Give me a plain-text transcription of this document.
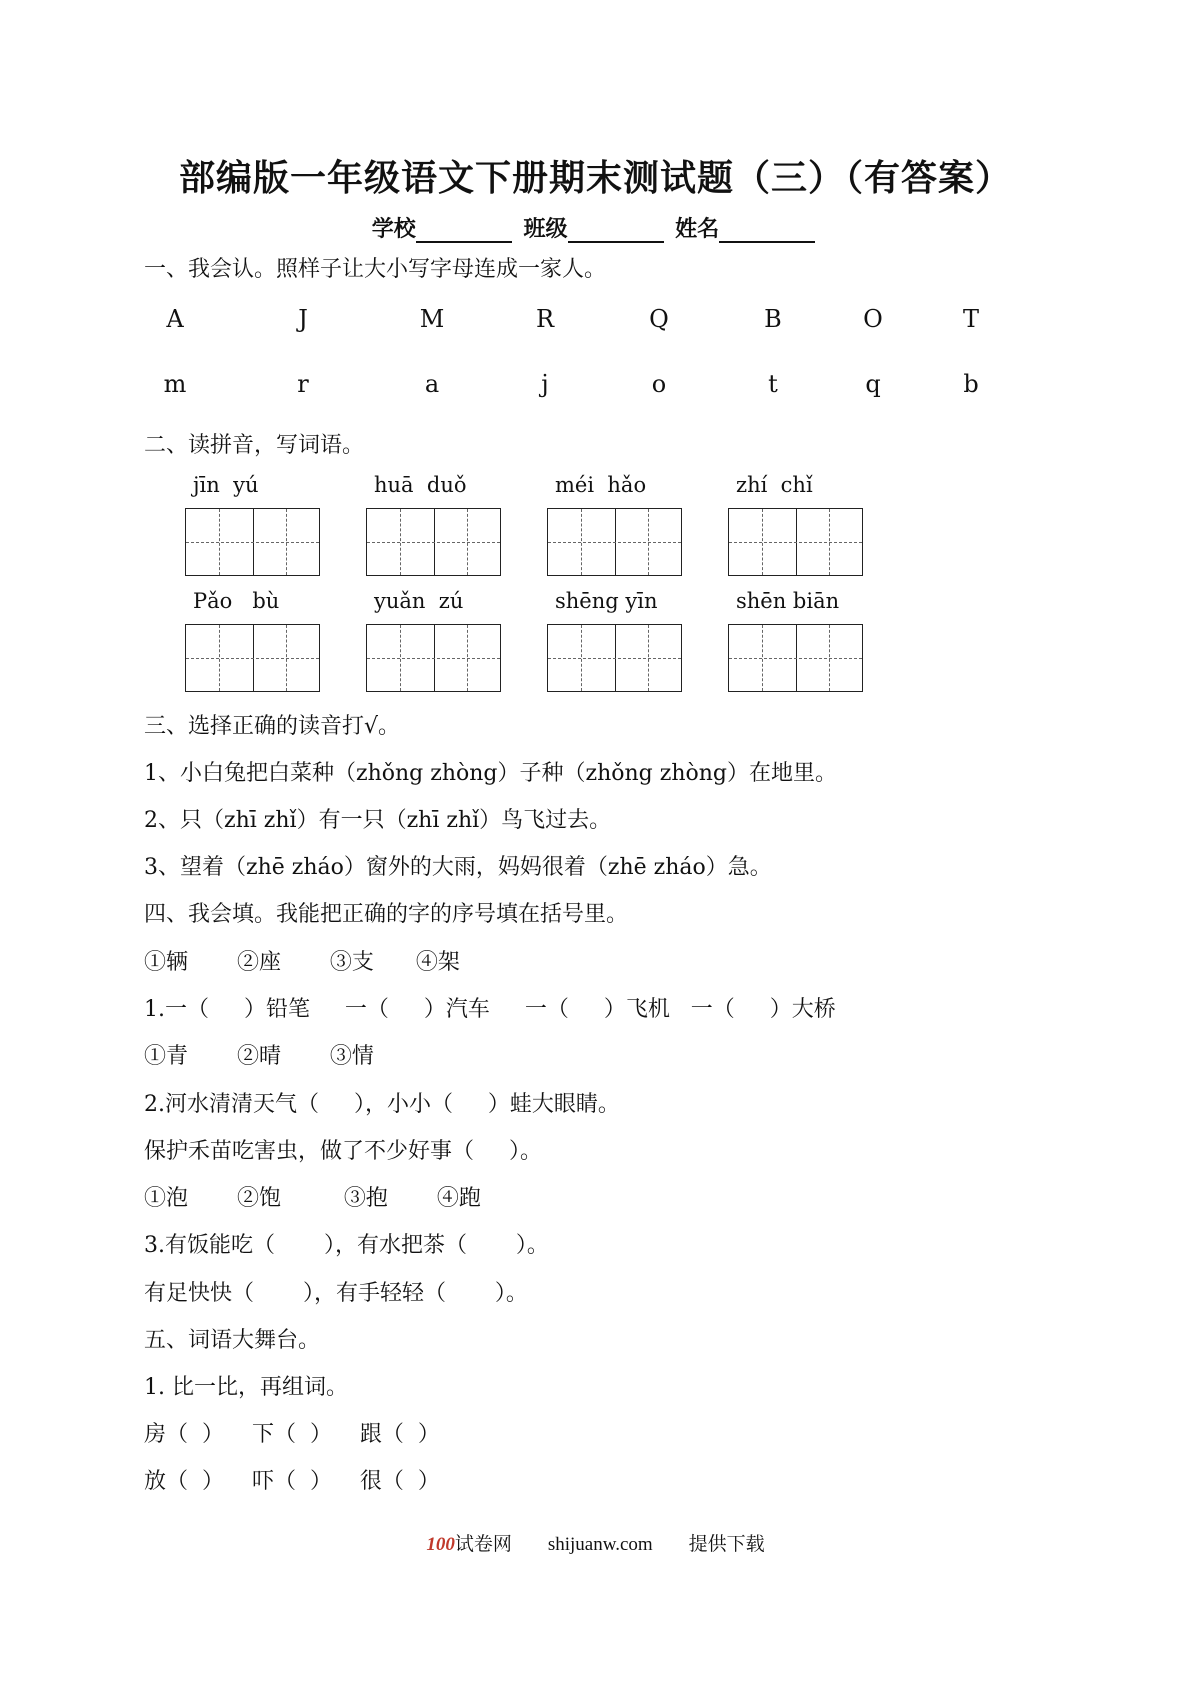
部编版一年级语文下册期末测试题（三）（有答案）
学校	班级	姓名
一、我会认。照样子让大小写字母连成一家人。
A	J	M	R	Q	B	O	T
m	r	a	j	o	t	q	b
二、读拼音，写词语。
jīn  yú	huā  duǒ	méi  hǎo	zhí  chǐ
Pǎo   bù	yuǎn  zú	shēng yīn	shēn biān
三、选择正确的读音打√。
1、小白兔把白菜种（zhǒng zhòng）子种（zhǒng zhòng）在地里。
2、只（zhī zhǐ）有一只（zhī zhǐ）鸟飞过去。
3、望着（zhē zháo）窗外的大雨，妈妈很着（zhē zháo）急。
四、我会填。我能把正确的字的序号填在括号里。
①辆       ②座       ③支      ④架
1.一（     ）铅笔     一（     ）汽车     一（     ）飞机   一（     ）大桥
①青       ②晴       ③情
2.河水清清天气（     ），小小（     ）蛙大眼睛。
保护禾苗吃害虫，做了不少好事（     ）。
①泡       ②饱         ③抱       ④跑
3.有饭能吃（       ），有水把茶（       ）。
有足快快（       ），有手轻轻（       ）。
五、词语大舞台。
1. 比一比，再组词。
房（  ）    下（  ）    跟（  ）
放（  ）    吓（  ）    很（  ）
100试卷网 shijuanw.com 提供下载
